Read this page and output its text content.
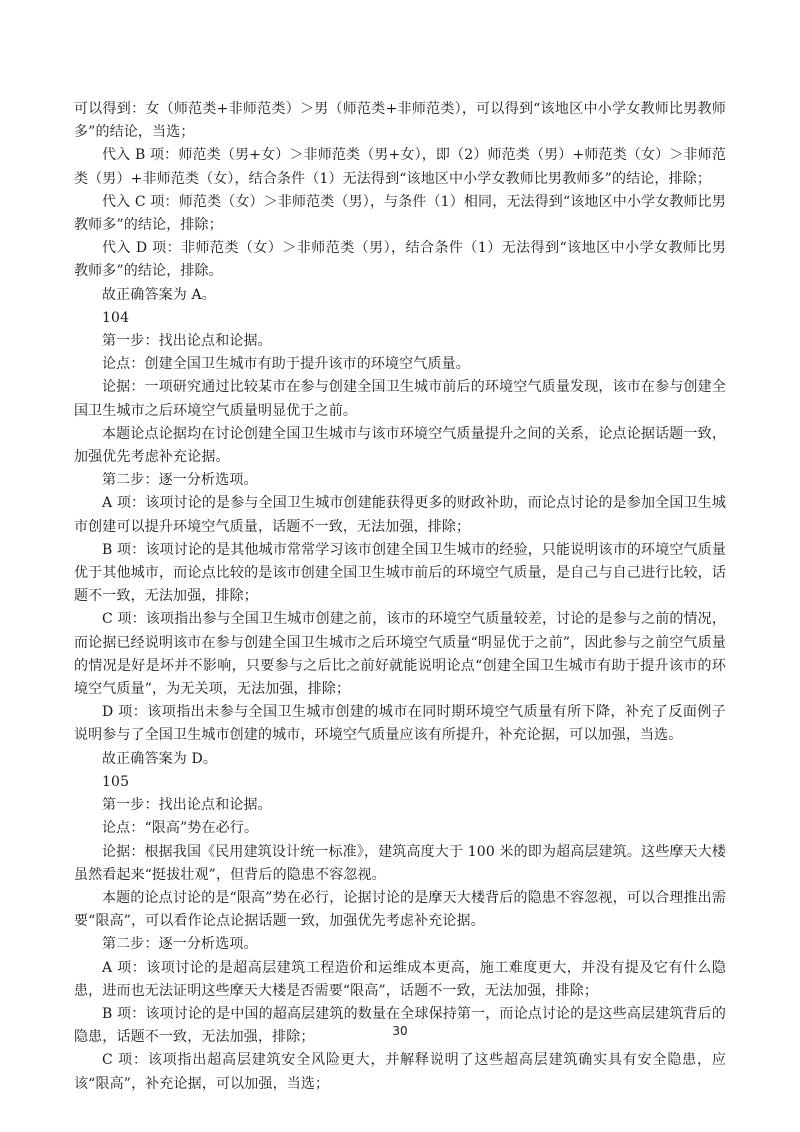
可以得到：女（师范类+非师范类）＞男（师范类+非师范类），可以得到“该地区中小学女教师比男教师多”的结论，当选；

代入 B 项：师范类（男+女）＞非师范类（男+女），即（2）师范类（男）+师范类（女）＞非师范类（男）+非师范类（女），结合条件（1）无法得到“该地区中小学女教师比男教师多”的结论，排除；

代入 C 项：师范类（女）＞非师范类（男），与条件（1）相同，无法得到“该地区中小学女教师比男教师多”的结论，排除；

代入 D 项：非师范类（女）＞非师范类（男），结合条件（1）无法得到“该地区中小学女教师比男教师多”的结论，排除。

故正确答案为 A。

104

第一步：找出论点和论据。

论点：创建全国卫生城市有助于提升该市的环境空气质量。

论据：一项研究通过比较某市在参与创建全国卫生城市前后的环境空气质量发现，该市在参与创建全国卫生城市之后环境空气质量明显优于之前。

本题论点论据均在讨论创建全国卫生城市与该市环境空气质量提升之间的关系，论点论据话题一致，加强优先考虑补充论据。

第二步：逐一分析选项。

A 项：该项讨论的是参与全国卫生城市创建能获得更多的财政补助，而论点讨论的是参加全国卫生城市创建可以提升环境空气质量，话题不一致，无法加强，排除；

B 项：该项讨论的是其他城市常常学习该市创建全国卫生城市的经验，只能说明该市的环境空气质量优于其他城市，而论点比较的是该市创建全国卫生城市前后的环境空气质量，是自己与自己进行比较，话题不一致，无法加强，排除；

C 项：该项指出参与全国卫生城市创建之前，该市的环境空气质量较差，讨论的是参与之前的情况，而论据已经说明该市在参与创建全国卫生城市之后环境空气质量“明显优于之前”，因此参与之前空气质量的情况是好是坏并不影响，只要参与之后比之前好就能说明论点“创建全国卫生城市有助于提升该市的环境空气质量”，为无关项，无法加强，排除；

D 项：该项指出未参与全国卫生城市创建的城市在同时期环境空气质量有所下降，补充了反面例子说明参与了全国卫生城市创建的城市，环境空气质量应该有所提升，补充论据，可以加强，当选。

故正确答案为 D。

105

第一步：找出论点和论据。

论点：“限高”势在必行。

论据：根据我国《民用建筑设计统一标准》，建筑高度大于 100 米的即为超高层建筑。这些摩天大楼虽然看起来“挺拔壮观”，但背后的隐患不容忽视。

本题的论点讨论的是“限高”势在必行，论据讨论的是摩天大楼背后的隐患不容忽视，可以合理推出需要“限高”，可以看作论点论据话题一致，加强优先考虑补充论据。

第二步：逐一分析选项。

A 项：该项讨论的是超高层建筑工程造价和运维成本更高，施工难度更大，并没有提及它有什么隐患，进而也无法证明这些摩天大楼是否需要“限高”，话题不一致，无法加强，排除；

B 项：该项讨论的是中国的超高层建筑的数量在全球保持第一，而论点讨论的是这些高层建筑背后的隐患，话题不一致，无法加强，排除；

C 项：该项指出超高层建筑安全风险更大，并解释说明了这些超高层建筑确实具有安全隐患，应该“限高”，补充论据，可以加强，当选；

30
